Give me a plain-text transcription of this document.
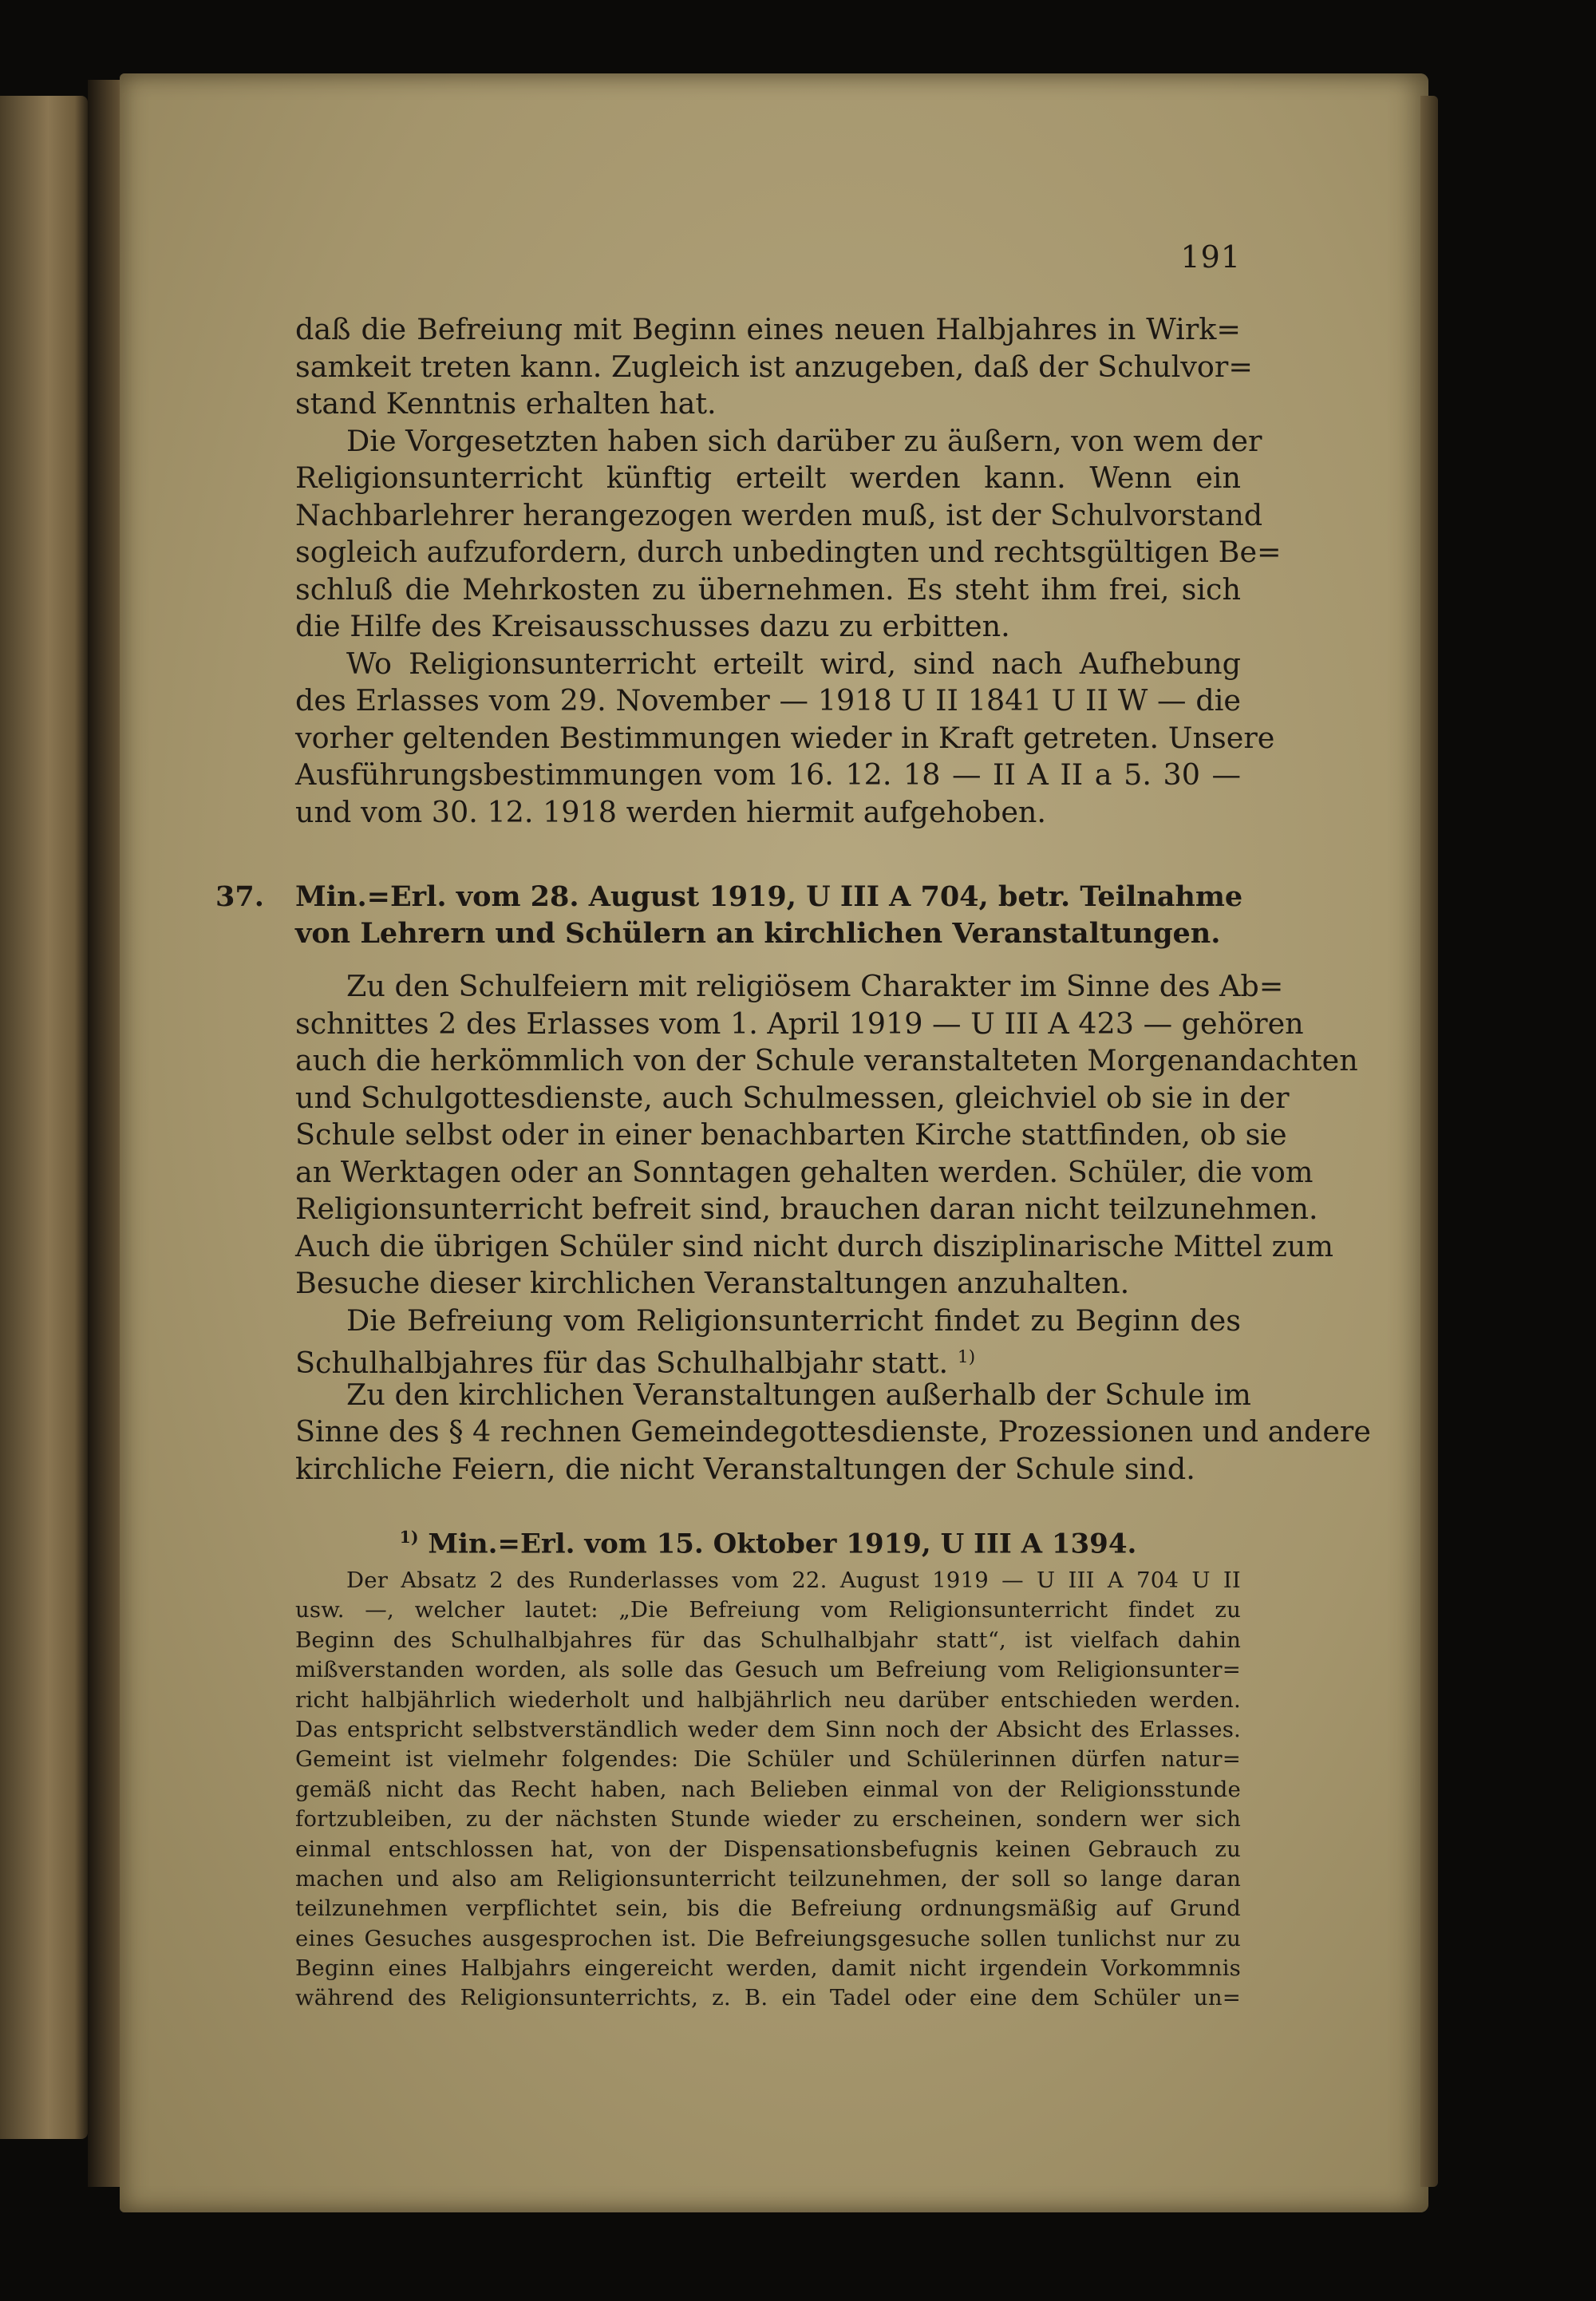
191
daß die Befreiung mit Beginn eines neuen Halbjahres in Wirk=
samkeit treten kann. Zugleich ist anzugeben, daß der Schulvor=
stand Kenntnis erhalten hat.
Die Vorgesetzten haben sich darüber zu äußern, von wem der
Religionsunterricht künftig erteilt werden kann. Wenn ein
Nachbarlehrer herangezogen werden muß, ist der Schulvorstand
sogleich aufzufordern, durch unbedingten und rechtsgültigen Be=
schluß die Mehrkosten zu übernehmen. Es steht ihm frei, sich
die Hilfe des Kreisausschusses dazu zu erbitten.
Wo Religionsunterricht erteilt wird, sind nach Aufhebung
des Erlasses vom 29. November — 1918 U II 1841 U II W — die
vorher geltenden Bestimmungen wieder in Kraft getreten. Unsere
Ausführungsbestimmungen vom 16. 12. 18 — II A II a 5. 30 —
und vom 30. 12. 1918 werden hiermit aufgehoben.
37. Min.=Erl. vom 28. August 1919, U III A 704, betr. Teilnahme
von Lehrern und Schülern an kirchlichen Veranstaltungen.
Zu den Schulfeiern mit religiösem Charakter im Sinne des Ab=
schnittes 2 des Erlasses vom 1. April 1919 — U III A 423 — gehören
auch die herkömmlich von der Schule veranstalteten Morgenandachten
und Schulgottesdienste, auch Schulmessen, gleichviel ob sie in der
Schule selbst oder in einer benachbarten Kirche stattfinden, ob sie
an Werktagen oder an Sonntagen gehalten werden. Schüler, die vom
Religionsunterricht befreit sind, brauchen daran nicht teilzunehmen.
Auch die übrigen Schüler sind nicht durch disziplinarische Mittel zum
Besuche dieser kirchlichen Veranstaltungen anzuhalten.
Die Befreiung vom Religionsunterricht findet zu Beginn des
Schulhalbjahres für das Schulhalbjahr statt. $^{1)}$
Zu den kirchlichen Veranstaltungen außerhalb der Schule im
Sinne des § 4 rechnen Gemeindegottesdienste, Prozessionen und andere
kirchliche Feiern, die nicht Veranstaltungen der Schule sind.
$^{1)}$ Min.=Erl. vom 15. Oktober 1919, U III A 1394.
Der Absatz 2 des Runderlasses vom 22. August 1919 — U III A 704 U II
usw. —, welcher lautet: „Die Befreiung vom Religionsunterricht findet zu
Beginn des Schulhalbjahres für das Schulhalbjahr statt“, ist vielfach dahin
mißverstanden worden, als solle das Gesuch um Befreiung vom Religionsunter=
richt halbjährlich wiederholt und halbjährlich neu darüber entschieden werden.
Das entspricht selbstverständlich weder dem Sinn noch der Absicht des Erlasses.
Gemeint ist vielmehr folgendes: Die Schüler und Schülerinnen dürfen natur=
gemäß nicht das Recht haben, nach Belieben einmal von der Religionsstunde
fortzubleiben, zu der nächsten Stunde wieder zu erscheinen, sondern wer sich
einmal entschlossen hat, von der Dispensationsbefugnis keinen Gebrauch zu
machen und also am Religionsunterricht teilzunehmen, der soll so lange daran
teilzunehmen verpflichtet sein, bis die Befreiung ordnungsmäßig auf Grund
eines Gesuches ausgesprochen ist. Die Befreiungsgesuche sollen tunlichst nur zu
Beginn eines Halbjahrs eingereicht werden, damit nicht irgendein Vorkommnis
während des Religionsunterrichts, z. B. ein Tadel oder eine dem Schüler un=
